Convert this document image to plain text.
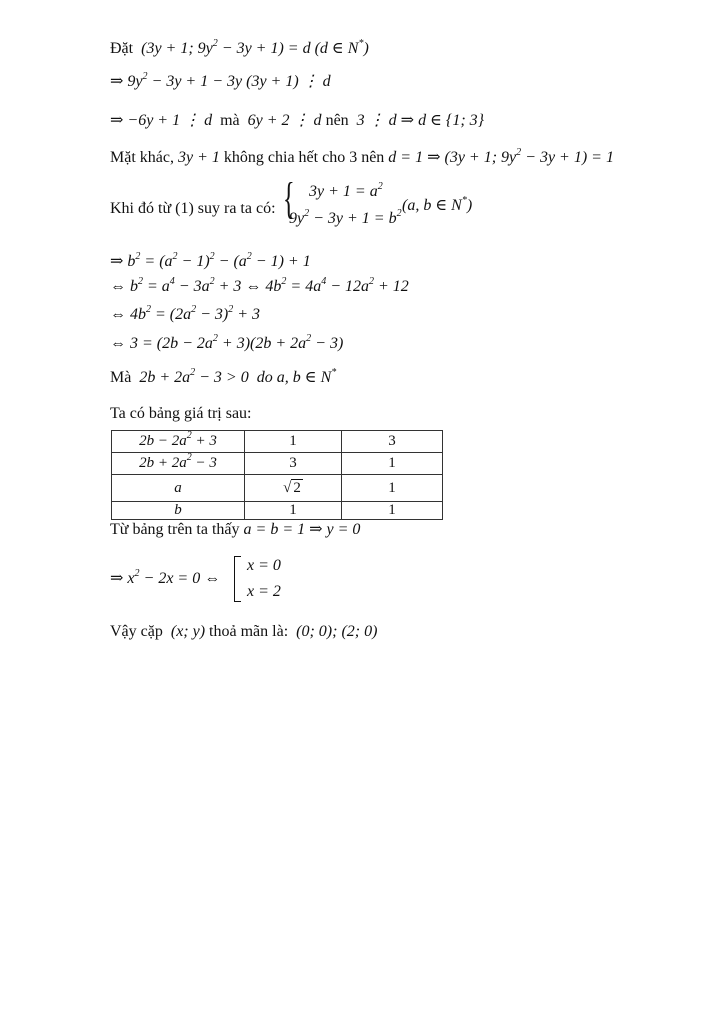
Đặt (3y + 1; $9y^2 - 3y + 1) = d$ (d ∈ N*)
⇒ $9y^2 - 3y + 1 - 3y$ (3y + 1) ⋮ d
⇒ −6y + 1 ⋮ d mà 6y + 2 ⋮ d nên 3 ⋮ d ⇒ d ∈ {1; 3}
Mặt khác, 3y + 1 không chia hết cho 3 nên d = 1 ⇒ (3y + 1; $9y^2 - 3y + 1) = 1$
Khi đó từ (1) suy ra ta có: { $3y + 1 = a^2$
$9y^2 - 3y + 1 = b^2$ (a, b ∈ N*)
⇒ $b^2 = (a^2 - 1)^2 - (a^2 - 1) + 1$
⇔ $b^2 = a^4 - 3a^2 + 3$ ⇔ $4b^2 = 4a^4 - 12a^2 + 12$
⇔ $4b^2 = (2a^2 - 3)^2 + 3$
⇔ $3 = (2b - 2a^2 + 3)(2b + 2a^2 - 3)$
Mà $2b + 2a^2 - 3 > 0$ do a, b ∈ N*
Ta có bảng giá trị sau:
$2b - 2a^2 + 3$	1	3
$2b + 2a^2 - 3$	3	1
a	√ 2	1
b	1	1
Từ bảng trên ta thấy a = b = 1 ⇒ y = 0
⇒ $x^2 - 2x = 0$ ⇔
x = 0
x = 2
Vậy cặp (x; y) thoả mãn là: (0; 0); (2; 0)
